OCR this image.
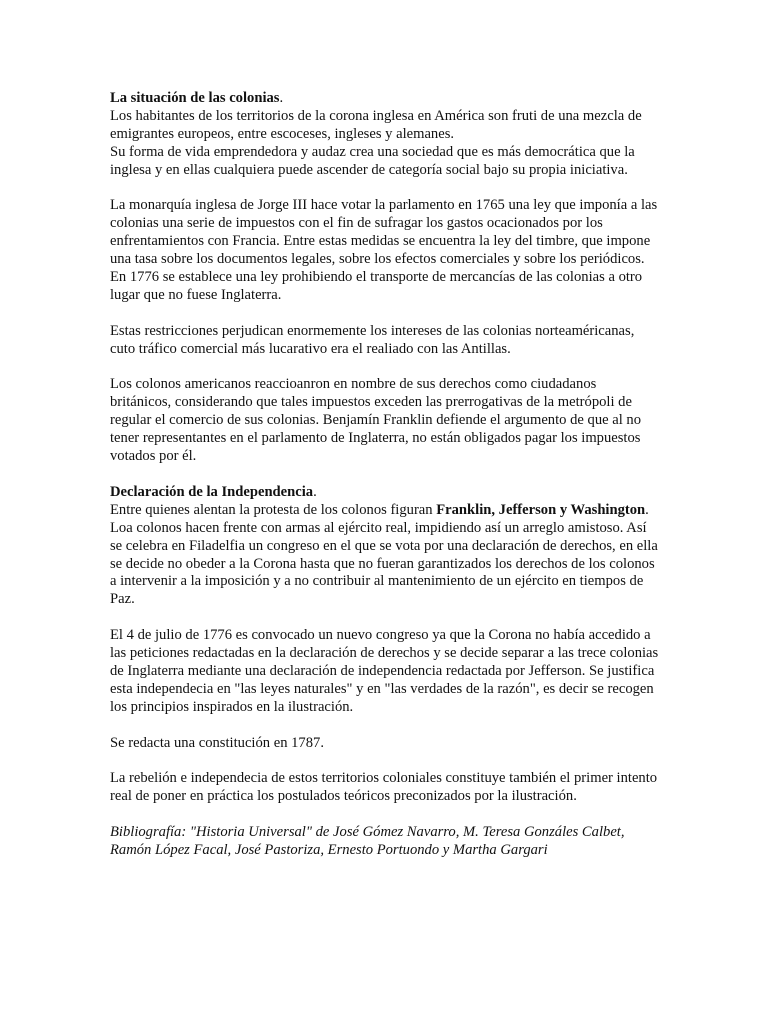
La situación de las colonias.
Los habitantes de los territorios de la corona inglesa en América son fruti de una mezcla de emigrantes europeos, entre escoceses, ingleses y alemanes.

Su forma de vida emprendedora y audaz crea una sociedad que es más democrática que la inglesa y en ellas cualquiera puede ascender de categoría social bajo su propia iniciativa.

La monarquía inglesa de Jorge III hace votar la parlamento en 1765 una ley que imponía a las colonias una serie de impuestos con el fin de sufragar los gastos ocacionados por los enfrentamientos con Francia. Entre estas medidas se encuentra la ley del timbre, que impone una tasa sobre los documentos legales, sobre los efectos comerciales y sobre los periódicos. En 1776 se establece una ley prohibiendo el transporte de mercancías de las colonias a otro lugar que no fuese Inglaterra.

Estas restricciones perjudican enormemente los intereses de las colonias norteaméricanas, cuto tráfico comercial más lucarativo era el realiado con las Antillas.

Los colonos americanos reaccioanron en nombre de sus derechos como ciudadanos británicos, considerando que tales impuestos exceden las prerrogativas de la metrópoli de regular el comercio de sus colonias. Benjamín Franklin defiende el argumento de que al no tener representantes en el parlamento de Inglaterra, no están obligados pagar los impuestos votados por él.

Declaración de la Independencia.
Entre quienes alentan la protesta de los colonos figuran Franklin, Jefferson y Washington.

Loa colonos hacen frente con armas al ejército real, impidiendo así un arreglo amistoso. Así se celebra en Filadelfia un congreso en el que se vota por una declaración de derechos, en ella se decide no obeder a la Corona hasta que no fueran garantizados los derechos de los colonos a intervenir a la imposición y a no contribuir al mantenimiento de un ejército en tiempos de Paz.

El 4 de julio de 1776 es convocado un nuevo congreso ya que la Corona no había accedido a las peticiones redactadas en la declaración de derechos y se decide separar a las trece colonias de Inglaterra mediante una declaración de independencia redactada por Jefferson. Se justifica esta independecia en "las leyes naturales" y en "las verdades de la razón", es decir se recogen los principios inspirados en la ilustración.

Se redacta una constitución en 1787.

La rebelión e independecia de estos territorios coloniales constituye también el primer intento real de poner en práctica los postulados teóricos preconizados por la ilustración.

Bibliografía: "Historia Universal" de José Gómez Navarro, M. Teresa Gonzáles Calbet, Ramón López Facal, José Pastoriza, Ernesto Portuondo y Martha Gargari
